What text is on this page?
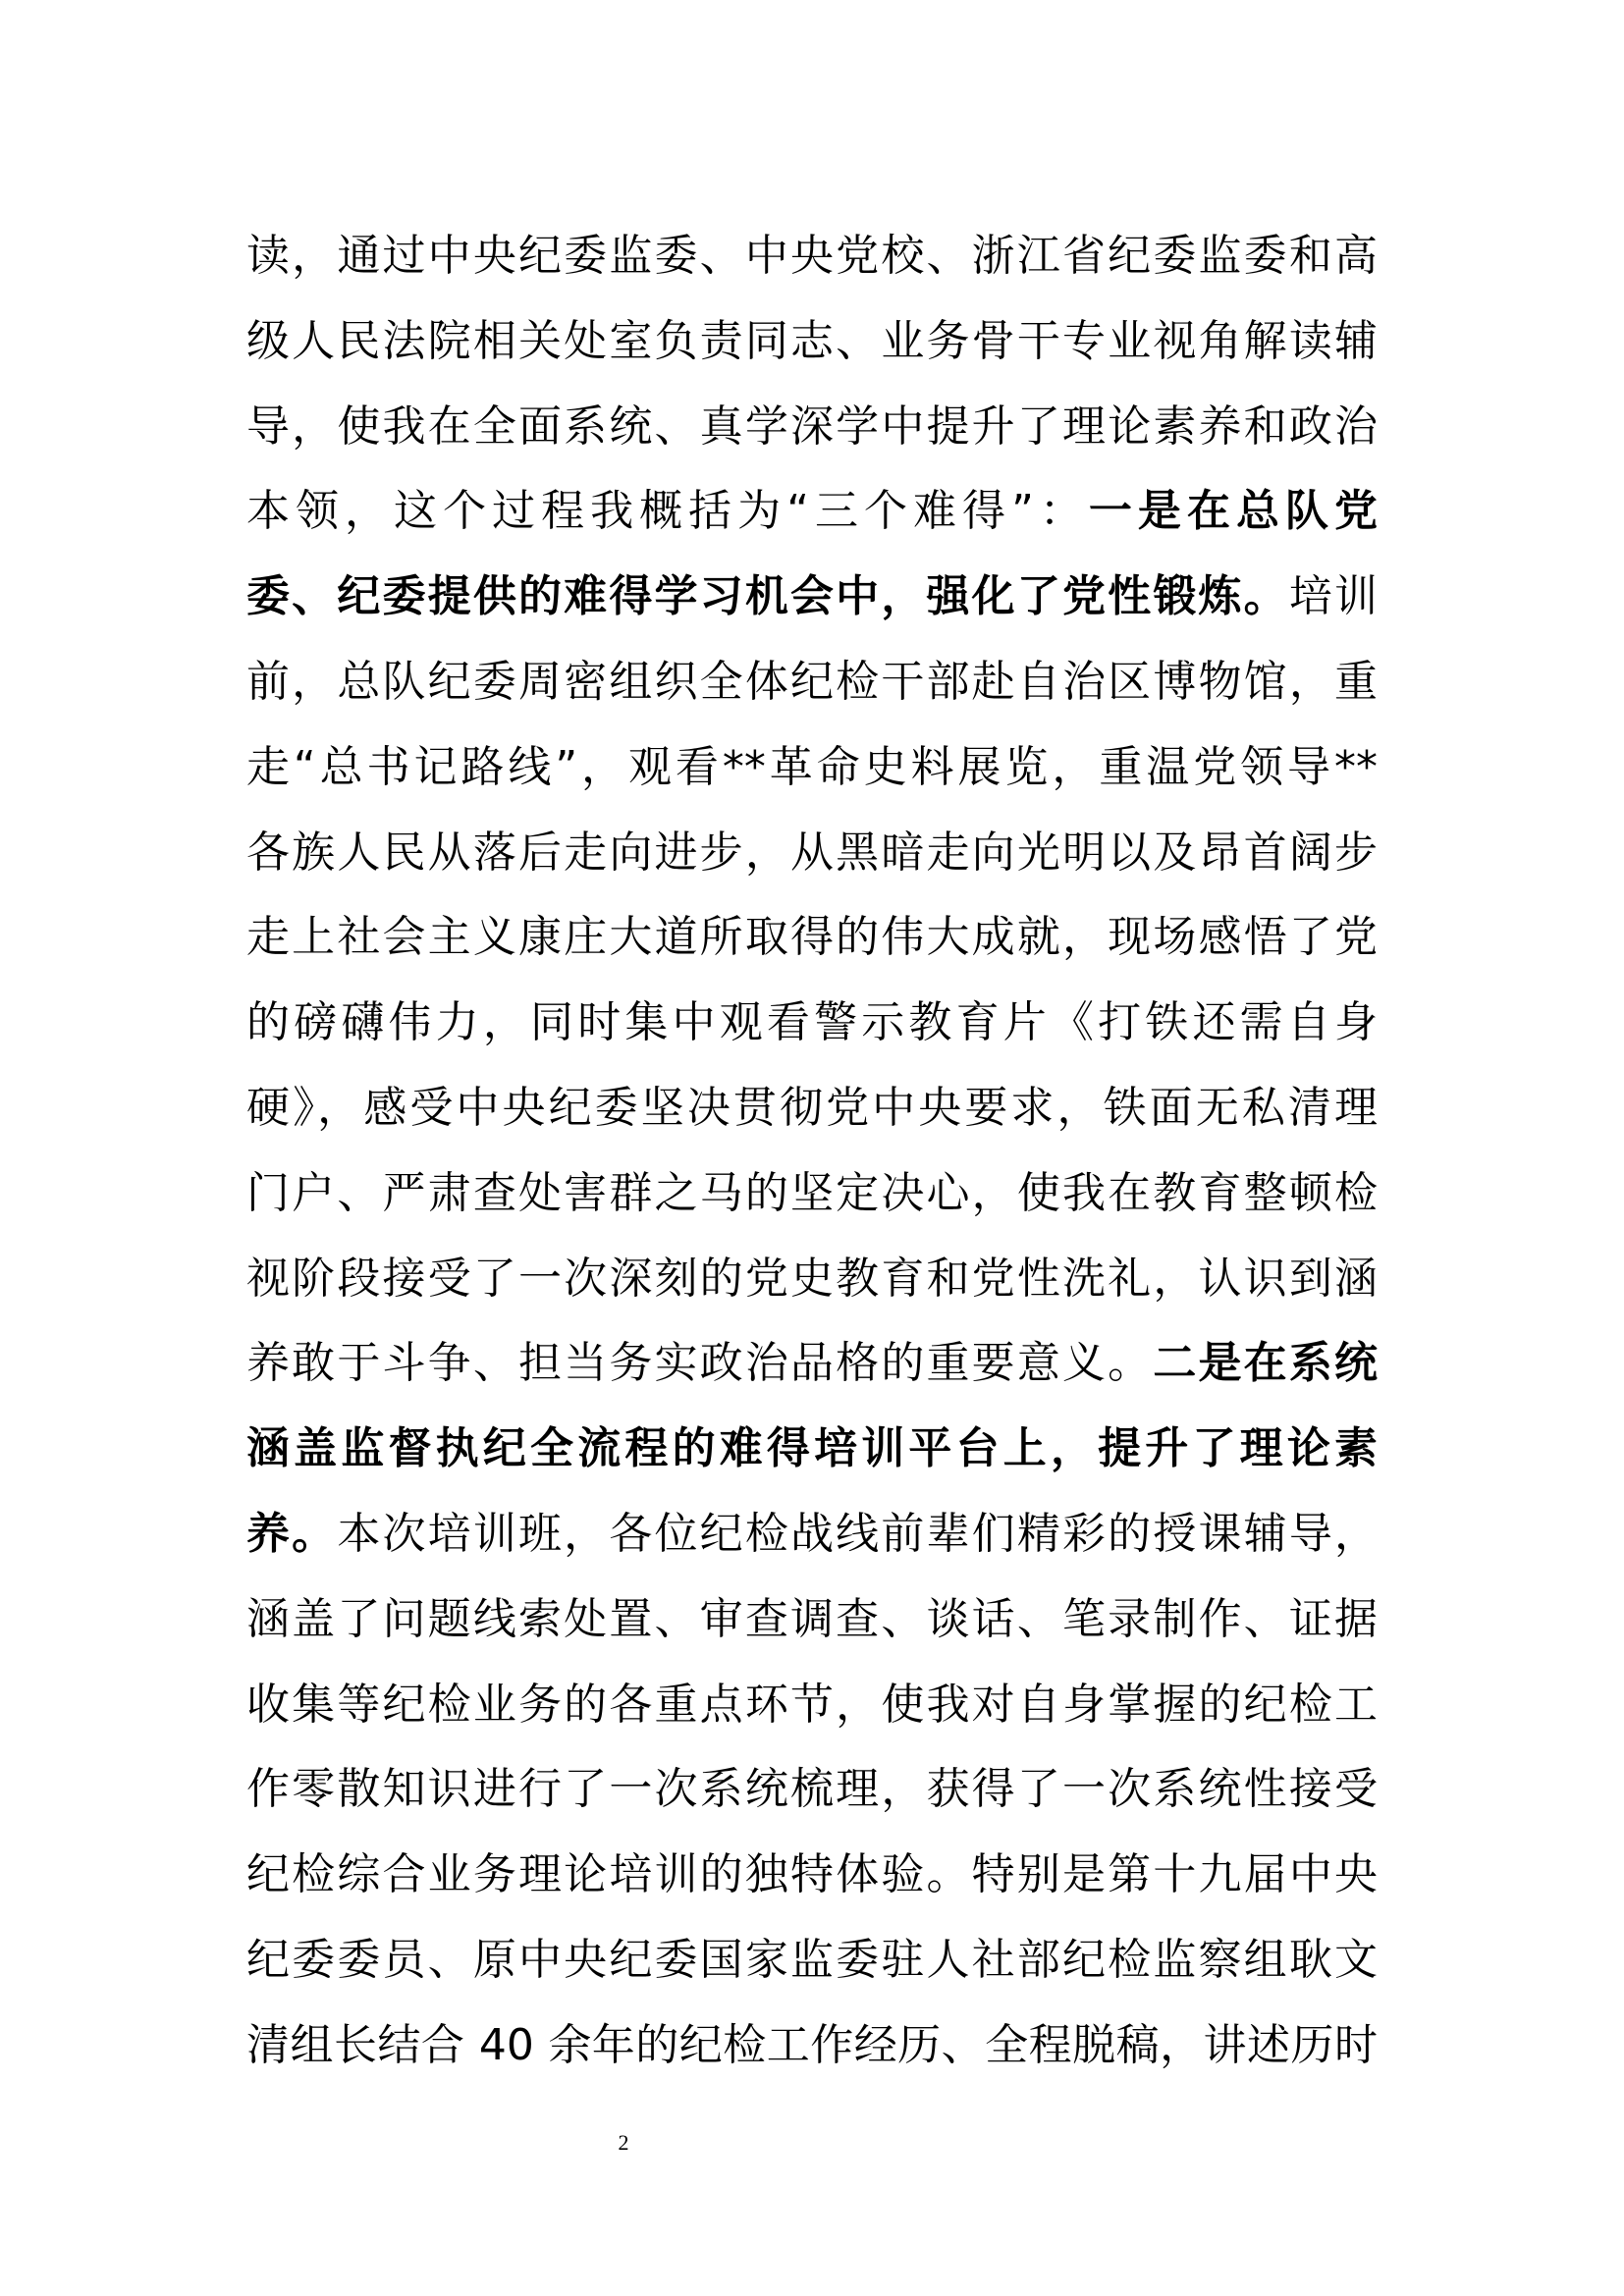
读，通过中央纪委监委、中央党校、浙江省纪委监委和高
级人民法院相关处室负责同志、业务骨干专业视角解读辅
导，使我在全面系统、真学深学中提升了理论素养和政治
本领，这个过程我概括为“三个难得”：一是在总队党
委、纪委提供的难得学习机会中，强化了党性锻炼。培训
前，总队纪委周密组织全体纪检干部赴自治区博物馆，重
走“总书记路线”，观看**革命史料展览，重温党领导**
各族人民从落后走向进步，从黑暗走向光明以及昂首阔步
走上社会主义康庄大道所取得的伟大成就，现场感悟了党
的磅礴伟力，同时集中观看警示教育片《打铁还需自身
硬》，感受中央纪委坚决贯彻党中央要求，铁面无私清理
门户、严肃查处害群之马的坚定决心，使我在教育整顿检
视阶段接受了一次深刻的党史教育和党性洗礼，认识到涵
养敢于斗争、担当务实政治品格的重要意义。二是在系统
涵盖监督执纪全流程的难得培训平台上，提升了理论素
养。本次培训班，各位纪检战线前辈们精彩的授课辅导，
涵盖了问题线索处置、审查调查、谈话、笔录制作、证据
收集等纪检业务的各重点环节，使我对自身掌握的纪检工
作零散知识进行了一次系统梳理，获得了一次系统性接受
纪检综合业务理论培训的独特体验。特别是第十九届中央
纪委委员、原中央纪委国家监委驻人社部纪检监察组耿文
清组长结合 40 余年的纪检工作经历、全程脱稿，讲述历时
2
